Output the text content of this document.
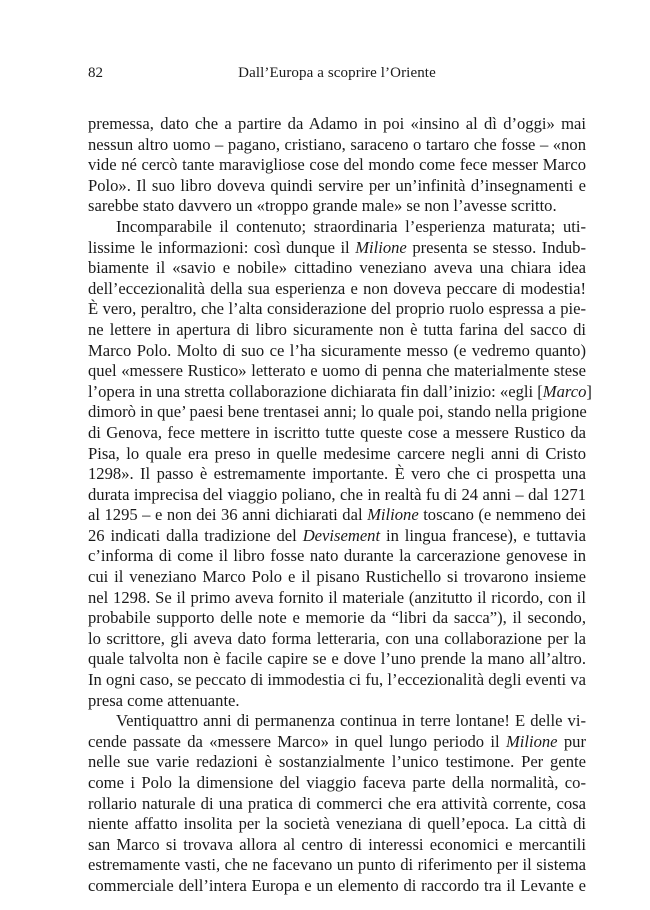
82	Dall’Europa a scoprire l’Oriente
premessa, dato che a partire da Adamo in poi «insino al dì d’oggi» mai
nessun altro uomo – pagano, cristiano, saraceno o tartaro che fosse – «non
vide né cercò tante maravigliose cose del mondo come fece messer Marco
Polo». Il suo libro doveva quindi servire per un’infinità d’insegnamenti e
sarebbe stato davvero un «troppo grande male» se non l’avesse scritto.
Incomparabile il contenuto; straordinaria l’esperienza maturata; uti-
lissime le informazioni: così dunque il Milione presenta se stesso. Indub-
biamente il «savio e nobile» cittadino veneziano aveva una chiara idea
dell’eccezionalità della sua esperienza e non doveva peccare di modestia!
È vero, peraltro, che l’alta considerazione del proprio ruolo espressa a pie-
ne lettere in apertura di libro sicuramente non è tutta farina del sacco di
Marco Polo. Molto di suo ce l’ha sicuramente messo (e vedremo quanto)
quel «messere Rustico» letterato e uomo di penna che materialmente stese
l’opera in una stretta collaborazione dichiarata fin dall’inizio: «egli [Marco]
dimorò in que’ paesi bene trentasei anni; lo quale poi, stando nella prigione
di Genova, fece mettere in iscritto tutte queste cose a messere Rustico da
Pisa, lo quale era preso in quelle medesime carcere negli anni di Cristo
1298». Il passo è estremamente importante. È vero che ci prospetta una
durata imprecisa del viaggio poliano, che in realtà fu di 24 anni – dal 1271
al 1295 – e non dei 36 anni dichiarati dal Milione toscano (e nemmeno dei
26 indicati dalla tradizione del Devisement in lingua francese), e tuttavia
c’informa di come il libro fosse nato durante la carcerazione genovese in
cui il veneziano Marco Polo e il pisano Rustichello si trovarono insieme
nel 1298. Se il primo aveva fornito il materiale (anzitutto il ricordo, con il
probabile supporto delle note e memorie da “libri da sacca”), il secondo,
lo scrittore, gli aveva dato forma letteraria, con una collaborazione per la
quale talvolta non è facile capire se e dove l’uno prende la mano all’altro.
In ogni caso, se peccato di immodestia ci fu, l’eccezionalità degli eventi va
presa come attenuante.
Ventiquattro anni di permanenza continua in terre lontane! E delle vi-
cende passate da «messere Marco» in quel lungo periodo il Milione pur
nelle sue varie redazioni è sostanzialmente l’unico testimone. Per gente
come i Polo la dimensione del viaggio faceva parte della normalità, co-
rollario naturale di una pratica di commerci che era attività corrente, cosa
niente affatto insolita per la società veneziana di quell’epoca. La città di
san Marco si trovava allora al centro di interessi economici e mercantili
estremamente vasti, che ne facevano un punto di riferimento per il sistema
commerciale dell’intera Europa e un elemento di raccordo tra il Levante e
